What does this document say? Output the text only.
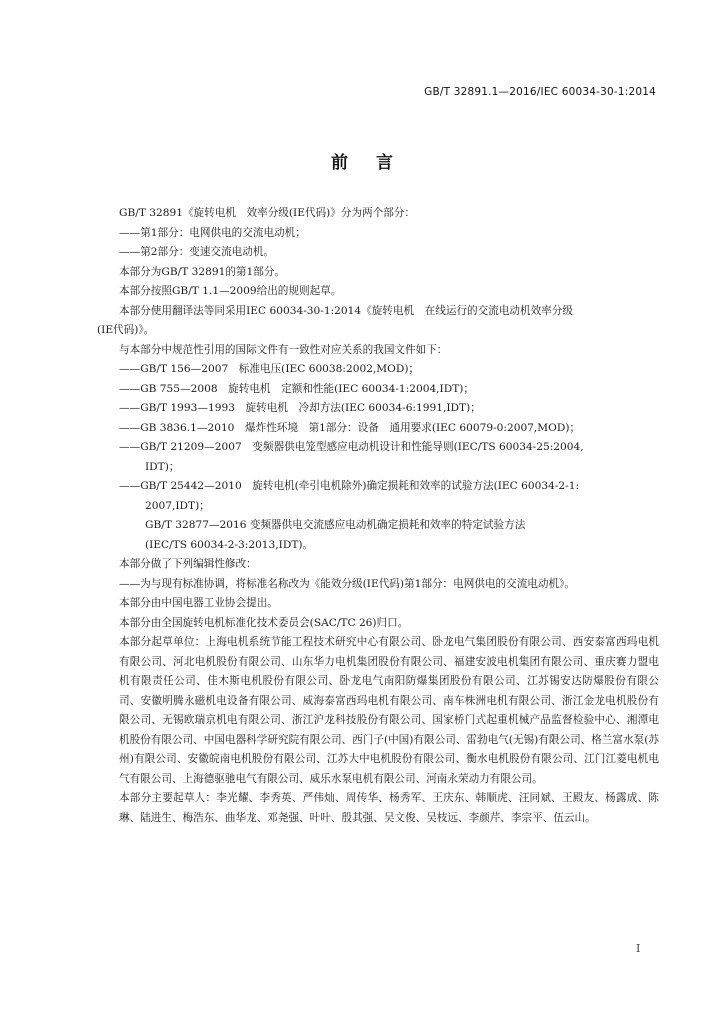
GB/T 32891.1—2016/IEC 60034-30-1:2014
前言

GB/T 32891《旋转电机　效率分级(IE代码)》分为两个部分：

——第1部分：电网供电的交流电动机；

——第2部分：变速交流电动机。

本部分为GB/T 32891的第1部分。

本部分按照GB/T 1.1—2009给出的规则起草。

本部分使用翻译法等同采用IEC 60034-30-1:2014《旋转电机　在线运行的交流电动机效率分级

(IE代码)》。

与本部分中规范性引用的国际文件有一致性对应关系的我国文件如下：

——GB/T 156—2007　标准电压(IEC 60038:2002,MOD)；

——GB 755—2008　旋转电机　定额和性能(IEC 60034-1:2004,IDT)；

——GB/T 1993—1993　旋转电机　冷却方法(IEC 60034-6:1991,IDT)；

——GB 3836.1—2010　爆炸性环境　第1部分：设备　通用要求(IEC 60079-0:2007,MOD)；

——GB/T 21209—2007　变频器供电笼型感应电动机设计和性能导则(IEC/TS 60034-25:2004,

IDT)；

——GB/T 25442—2010　旋转电机(牵引电机除外)确定损耗和效率的试验方法(IEC 60034-2-1:

2007,IDT)；

GB/T 32877—2016 变频器供电交流感应电动机确定损耗和效率的特定试验方法

(IEC/TS 60034-2-3:2013,IDT)。

本部分做了下列编辑性修改：

——为与现有标准协调，将标准名称改为《能效分级(IE代码)第1部分：电网供电的交流电动机》。

本部分由中国电器工业协会提出。

本部分由全国旋转电机标准化技术委员会(SAC/TC 26)归口。

本部分起草单位：上海电机系统节能工程技术研究中心有限公司、卧龙电气集团股份有限公司、西安泰富西玛电机有限公司、河北电机股份有限公司、山东华力电机集团股份有限公司、福建安波电机集团有限公司、重庆赛力盟电机有限责任公司、佳木斯电机股份有限公司、卧龙电气南阳防爆集团股份有限公司、江苏锡安达防爆股份有限公司、安徽明腾永磁机电设备有限公司、威海泰富西玛电机有限公司、南车株洲电机有限公司、浙江金龙电机股份有限公司、无锡欧瑞京机电有限公司、浙江沪龙科技股份有限公司、国家桥门式起重机械产品监督检验中心、湘潭电机股份有限公司、中国电器科学研究院有限公司、西门子(中国)有限公司、雷勃电气(无锡)有限公司、格兰富水泵(苏州)有限公司、安徽皖南电机股份有限公司、江苏大中电机股份有限公司、衡水电机股份有限公司、江门江菱电机电气有限公司、上海德驱驰电气有限公司、威乐水泵电机有限公司、河南永荣动力有限公司。

本部分主要起草人：李光耀、李秀英、严伟灿、周传华、杨秀军、王庆东、韩顺虎、汪同斌、王殿友、杨露成、陈琳、陆进生、梅浩东、曲华龙、邓尧强、叶叶、殷其强、吴文俊、吴枝远、李颜芹、李宗平、伍云山。

I
